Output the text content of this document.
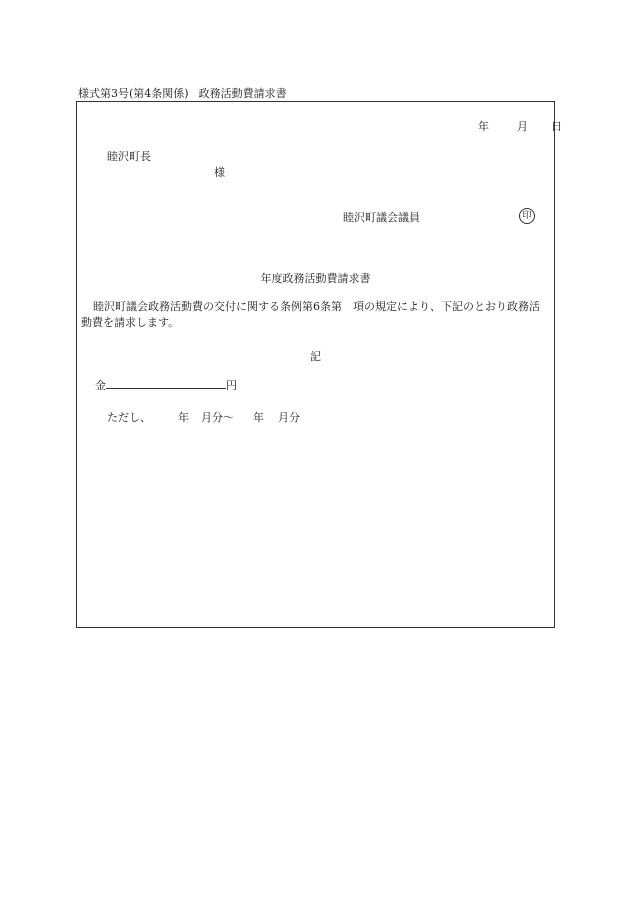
様式第3号(第4条関係) 政務活動費請求書
年	月 日
睦沢町長
様
睦沢町議会議員	印
年度政務活動費請求書
睦沢町議会政務活動費の交付に関する条例第6条第　項の規定により、下記のとおり政務活動費を請求します。
記
金	円
ただし、 年 月分～ 年 月分
